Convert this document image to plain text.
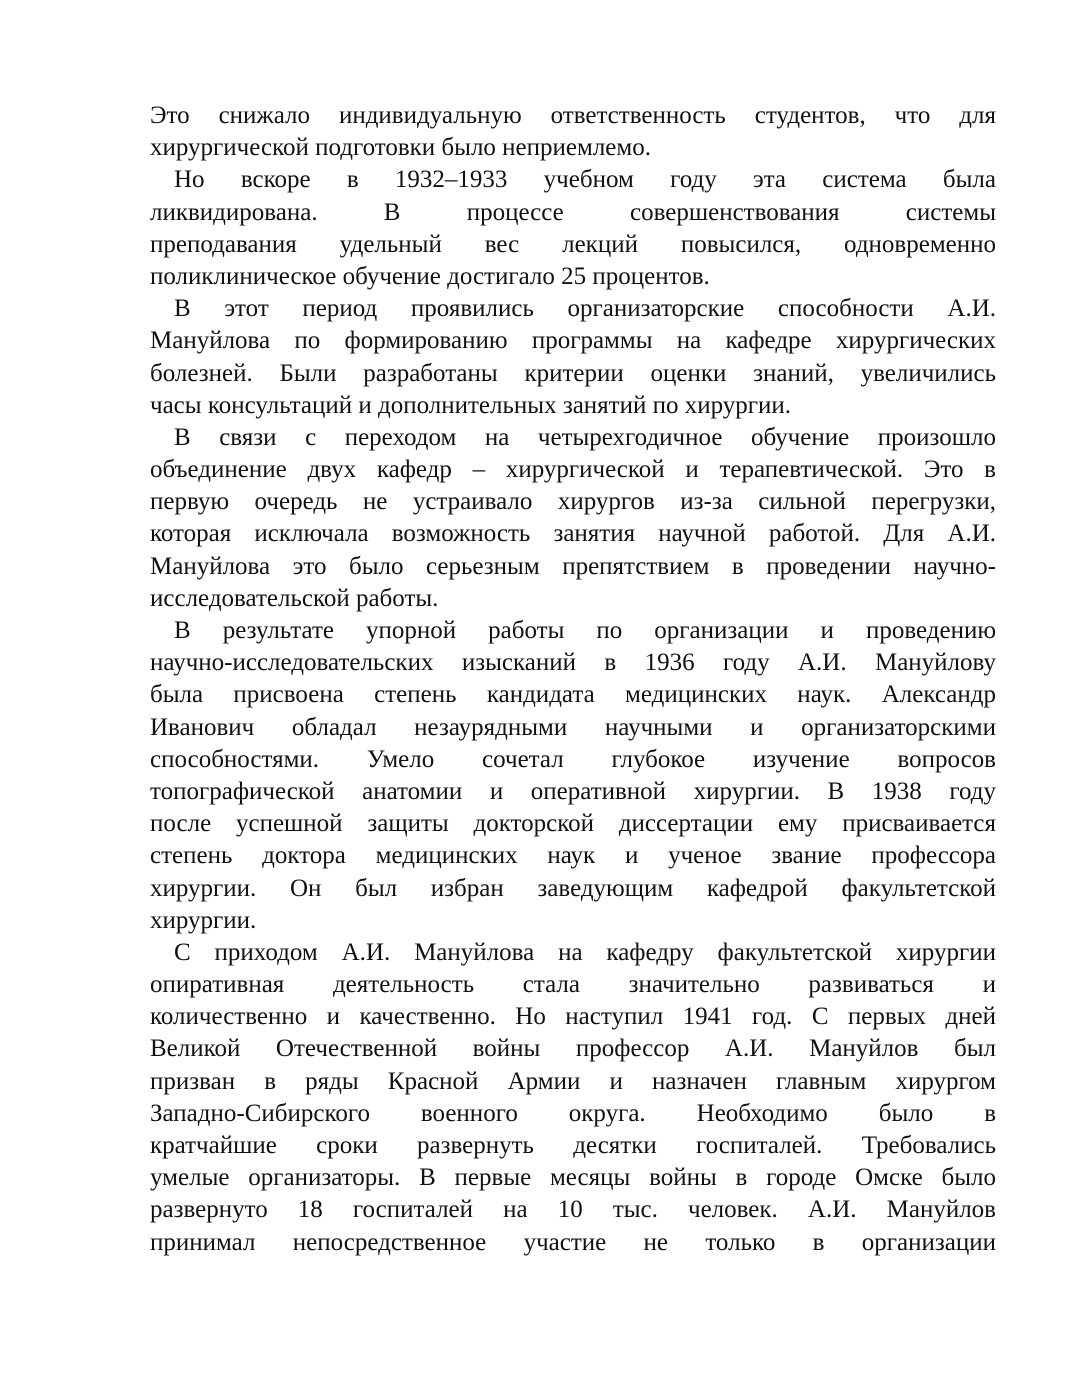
Это снижало индивидуальную ответственность студентов, что для
хирургической подготовки было неприемлемо.
Но вскоре в 1932–1933 учебном году эта система была
ликвидирована. В процессе совершенствования системы
преподавания удельный вес лекций повысился, одновременно
поликлиническое обучение достигало 25 процентов.
В этот период проявились организаторские способности А.И.
Мануйлова по формированию программы на кафедре хирургических
болезней. Были разработаны критерии оценки знаний, увеличились
часы консультаций и дополнительных занятий по хирургии.
В связи с переходом на четырехгодичное обучение произошло
объединение двух кафедр – хирургической и терапевтической. Это в
первую очередь не устраивало хирургов из-за сильной перегрузки,
которая исключала возможность занятия научной работой. Для А.И.
Мануйлова это было серьезным препятствием в проведении научно-
исследовательской работы.
В результате упорной работы по организации и проведению
научно-исследовательских изысканий в 1936 году А.И. Мануйлову
была присвоена степень кандидата медицинских наук. Александр
Иванович обладал незаурядными научными и организаторскими
способностями. Умело сочетал глубокое изучение вопросов
топографической анатомии и оперативной хирургии. В 1938 году
после успешной защиты докторской диссертации ему присваивается
степень доктора медицинских наук и ученое звание профессора
хирургии. Он был избран заведующим кафедрой факультетской
хирургии.
С приходом А.И. Мануйлова на кафедру факультетской хирургии
опиративная деятельность стала значительно развиваться и
количественно и качественно. Но наступил 1941 год. С первых дней
Великой Отечественной войны профессор А.И. Мануйлов был
призван в ряды Красной Армии и назначен главным хирургом
Западно-Сибирского военного округа. Необходимо было в
кратчайшие сроки развернуть десятки госпиталей. Требовались
умелые организаторы. В первые месяцы войны в городе Омске было
развернуто 18 госпиталей на 10 тыс. человек. А.И. Мануйлов
принимал непосредственное участие не только в организации
